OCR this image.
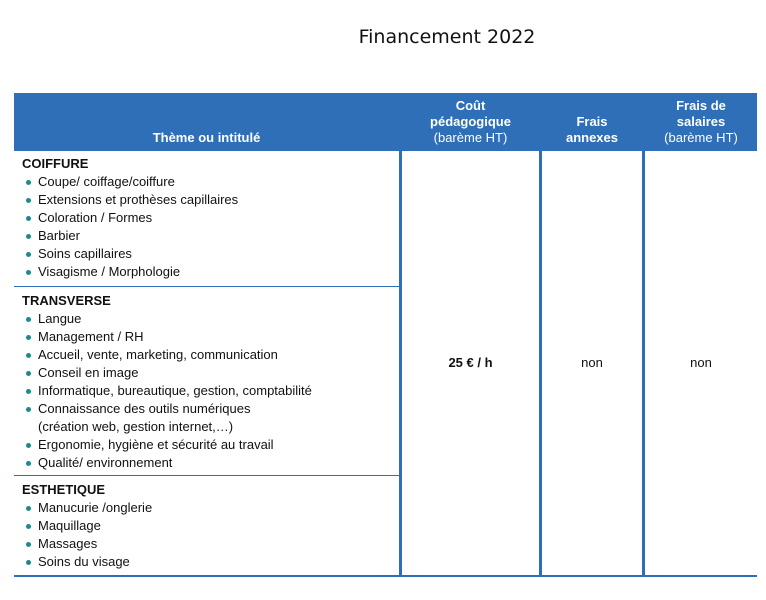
Financement 2022
Thème ou intitulé
Coût
pédagogique
(barème HT)
Frais
annexes
Frais de
salaires
(barème HT)
COIFFURE
Coupe/ coiffage/coiffure
Extensions et prothèses capillaires
Coloration / Formes
Barbier
Soins capillaires
Visagisme / Morphologie
TRANSVERSE
Langue
Management / RH
Accueil, vente, marketing, communication
Conseil en image
Informatique, bureautique, gestion, comptabilité
Connaissance des outils numériques
(création web, gestion internet,…)
Ergonomie, hygiène et sécurité au travail
Qualité/ environnement
ESTHETIQUE
Manucurie /onglerie
Maquillage
Massages
Soins du visage
25 € / h	non	non
